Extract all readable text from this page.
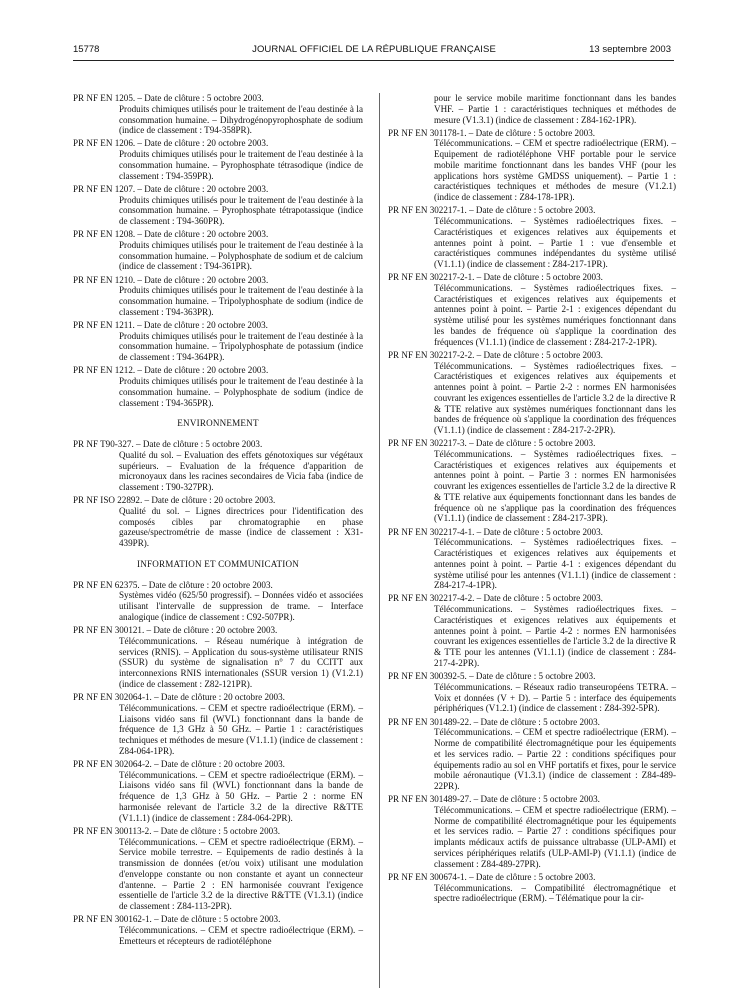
15778	JOURNAL OFFICIEL DE LA RÉPUBLIQUE FRANÇAISE	13 septembre 2003
PR NF EN 1205. – Date de clôture : 5 octobre 2003.
Produits chimiques utilisés pour le traitement de l'eau destinée à la consommation humaine. – Dihydrogénopyrophosphate de sodium (indice de classement : T94-358PR).
PR NF EN 1206. – Date de clôture : 20 octobre 2003.
Produits chimiques utilisés pour le traitement de l'eau destinée à la consommation humaine. – Pyrophosphate tétrasodique (indice de classement : T94-359PR).
PR NF EN 1207. – Date de clôture : 20 octobre 2003.
Produits chimiques utilisés pour le traitement de l'eau destinée à la consommation humaine. – Pyrophosphate tétrapotassique (indice de classement : T94-360PR).
PR NF EN 1208. – Date de clôture : 20 octobre 2003.
Produits chimiques utilisés pour le traitement de l'eau destinée à la consommation humaine. – Polyphosphate de sodium et de calcium (indice de classement : T94-361PR).
PR NF EN 1210. – Date de clôture : 20 octobre 2003.
Produits chimiques utilisés pour le traitement de l'eau destinée à la consommation humaine. – Tripolyphosphate de sodium (indice de classement : T94-363PR).
PR NF EN 1211. – Date de clôture : 20 octobre 2003.
Produits chimiques utilisés pour le traitement de l'eau destinée à la consommation humaine. – Tripolyphosphate de potassium (indice de classement : T94-364PR).
PR NF EN 1212. – Date de clôture : 20 octobre 2003.
Produits chimiques utilisés pour le traitement de l'eau destinée à la consommation humaine. – Polyphosphate de sodium (indice de classement : T94-365PR).
ENVIRONNEMENT
PR NF T90-327. – Date de clôture : 5 octobre 2003.
Qualité du sol. – Evaluation des effets génotoxiques sur végétaux supérieurs. – Evaluation de la fréquence d'apparition de micronoyaux dans les racines secondaires de Vicia faba (indice de classement : T90-327PR).
PR NF ISO 22892. – Date de clôture : 20 octobre 2003.
Qualité du sol. – Lignes directrices pour l'identification des composés cibles par chromatographie en phase gazeuse/spectrométrie de masse (indice de classement : X31-439PR).
INFORMATION ET COMMUNICATION
PR NF EN 62375. – Date de clôture : 20 octobre 2003.
Systèmes vidéo (625/50 progressif). – Données vidéo et associées utilisant l'intervalle de suppression de trame. – Interface analogique (indice de classement : C92-507PR).
PR NF EN 300121. – Date de clôture : 20 octobre 2003.
Télécommunications. – Réseau numérique à intégration de services (RNIS). – Application du sous-système utilisateur RNIS (SSUR) du système de signalisation n° 7 du CCITT aux interconnexions RNIS internationales (SSUR version 1) (V1.2.1) (indice de classement : Z82-121PR).
PR NF EN 302064-1. – Date de clôture : 20 octobre 2003.
Télécommunications. – CEM et spectre radioélectrique (ERM). – Liaisons vidéo sans fil (WVL) fonctionnant dans la bande de fréquence de 1,3 GHz à 50 GHz. – Partie 1 : caractéristiques techniques et méthodes de mesure (V1.1.1) (indice de classement : Z84-064-1PR).
PR NF EN 302064-2. – Date de clôture : 20 octobre 2003.
Télécommunications. – CEM et spectre radioélectrique (ERM). – Liaisons vidéo sans fil (WVL) fonctionnant dans la bande de fréquence de 1,3 GHz à 50 GHz. – Partie 2 : norme EN harmonisée relevant de l'article 3.2 de la directive R&TTE (V1.1.1) (indice de classement : Z84-064-2PR).
PR NF EN 300113-2. – Date de clôture : 5 octobre 2003.
Télécommunications. – CEM et spectre radioélectrique (ERM). – Service mobile terrestre. – Equipements de radio destinés à la transmission de données (et/ou voix) utilisant une modulation d'enveloppe constante ou non constante et ayant un connecteur d'antenne. – Partie 2 : EN harmonisée couvrant l'exigence essentielle de l'article 3.2 de la directive R&TTE (V1.3.1) (indice de classement : Z84-113-2PR).
PR NF EN 300162-1. – Date de clôture : 5 octobre 2003.
Télécommunications. – CEM et spectre radioélectrique (ERM). – Emetteurs et récepteurs de radiotéléphone
pour le service mobile maritime fonctionnant dans les bandes VHF. – Partie 1 : caractéristiques techniques et méthodes de mesure (V1.3.1) (indice de classement : Z84-162-1PR).
PR NF EN 301178-1. – Date de clôture : 5 octobre 2003.
Télécommunications. – CEM et spectre radioélectrique (ERM). – Equipement de radiotéléphone VHF portable pour le service mobile maritime fonctionnant dans les bandes VHF (pour les applications hors système GMDSS uniquement). – Partie 1 : caractéristiques techniques et méthodes de mesure (V1.2.1) (indice de classement : Z84-178-1PR).
PR NF EN 302217-1. – Date de clôture : 5 octobre 2003.
Télécommunications. – Systèmes radioélectriques fixes. – Caractéristiques et exigences relatives aux équipements et antennes point à point. – Partie 1 : vue d'ensemble et caractéristiques communes indépendantes du système utilisé (V1.1.1) (indice de classement : Z84-217-1PR).
PR NF EN 302217-2-1. – Date de clôture : 5 octobre 2003.
Télécommunications. – Systèmes radioélectriques fixes. – Caractéristiques et exigences relatives aux équipements et antennes point à point. – Partie 2-1 : exigences dépendant du système utilisé pour les systèmes numériques fonctionnant dans les bandes de fréquence où s'applique la coordination des fréquences (V1.1.1) (indice de classement : Z84-217-2-1PR).
PR NF EN 302217-2-2. – Date de clôture : 5 octobre 2003.
Télécommunications. – Systèmes radioélectriques fixes. – Caractéristiques et exigences relatives aux équipements et antennes point à point. – Partie 2-2 : normes EN harmonisées couvrant les exigences essentielles de l'article 3.2 de la directive R & TTE relative aux systèmes numériques fonctionnant dans les bandes de fréquence où s'applique la coordination des fréquences (V1.1.1) (indice de classement : Z84-217-2-2PR).
PR NF EN 302217-3. – Date de clôture : 5 octobre 2003.
Télécommunications. – Systèmes radioélectriques fixes. – Caractéristiques et exigences relatives aux équipements et antennes point à point. – Partie 3 : normes EN harmonisées couvrant les exigences essentielles de l'article 3.2 de la directive R & TTE relative aux équipements fonctionnant dans les bandes de fréquence où ne s'applique pas la coordination des fréquences (V1.1.1) (indice de classement : Z84-217-3PR).
PR NF EN 302217-4-1. – Date de clôture : 5 octobre 2003.
Télécommunications. – Systèmes radioélectriques fixes. – Caractéristiques et exigences relatives aux équipements et antennes point à point. – Partie 4-1 : exigences dépendant du système utilisé pour les antennes (V1.1.1) (indice de classement : Z84-217-4-1PR).
PR NF EN 302217-4-2. – Date de clôture : 5 octobre 2003.
Télécommunications. – Systèmes radioélectriques fixes. – Caractéristiques et exigences relatives aux équipements et antennes point à point. – Partie 4-2 : normes EN harmonisées couvrant les exigences essentielles de l'article 3.2 de la directive R & TTE pour les antennes (V1.1.1) (indice de classement : Z84-217-4-2PR).
PR NF EN 300392-5. – Date de clôture : 5 octobre 2003.
Télécommunications. – Réseaux radio transeuropéens TETRA. – Voix et données (V + D). – Partie 5 : interface des équipements périphériques (V1.2.1) (indice de classement : Z84-392-5PR).
PR NF EN 301489-22. – Date de clôture : 5 octobre 2003.
Télécommunications. – CEM et spectre radioélectrique (ERM). – Norme de compatibilité électromagnétique pour les équipements et les services radio. – Partie 22 : conditions spécifiques pour équipements radio au sol en VHF portatifs et fixes, pour le service mobile aéronautique (V1.3.1) (indice de classement : Z84-489-22PR).
PR NF EN 301489-27. – Date de clôture : 5 octobre 2003.
Télécommunications. – CEM et spectre radioélectrique (ERM). – Norme de compatibilité électromagnétique pour les équipements et les services radio. – Partie 27 : conditions spécifiques pour implants médicaux actifs de puissance ultrabasse (ULP-AMI) et services périphériques relatifs (ULP-AMI-P) (V1.1.1) (indice de classement : Z84-489-27PR).
PR NF EN 300674-1. – Date de clôture : 5 octobre 2003.
Télécommunications. – Compatibilité électromagnétique et spectre radioélectrique (ERM). – Télématique pour la cir-
